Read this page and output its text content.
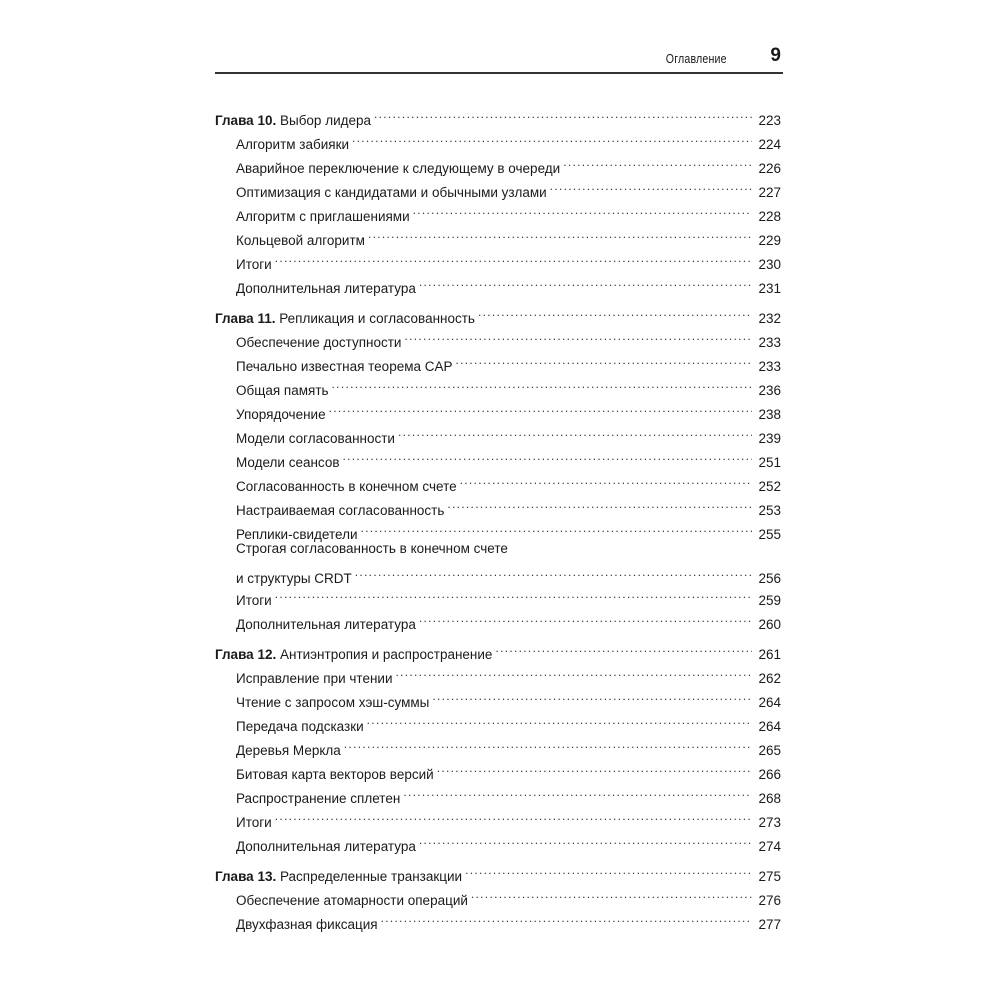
Оглавление 9
Глава 10. Выбор лидера .....	223
Алгоритм забияки .....	224
Аварийное переключение к следующему в очереди .....	226
Оптимизация с кандидатами и обычными узлами .....	227
Алгоритм с приглашениями .....	228
Кольцевой алгоритм .....	229
Итоги .....	230
Дополнительная литература .....	231
Глава 11. Репликация и согласованность .....	232
Обеспечение доступности .....	233
Печально известная теорема CAP .....	233
Общая память .....	236
Упорядочение .....	238
Модели согласованности .....	239
Модели сеансов .....	251
Согласованность в конечном счете .....	252
Настраиваемая согласованность .....	253
Реплики-свидетели .....	255
Строгая согласованность в конечном счете
и структуры CRDT .....	256
Итоги .....	259
Дополнительная литература .....	260
Глава 12. Антиэнтропия и распространение .....	261
Исправление при чтении .....	262
Чтение с запросом хэш-суммы .....	264
Передача подсказки .....	264
Деревья Меркла .....	265
Битовая карта векторов версий .....	266
Распространение сплетен .....	268
Итоги .....	273
Дополнительная литература .....	274
Глава 13. Распределенные транзакции .....	275
Обеспечение атомарности операций .....	276
Двухфазная фиксация .....	277
